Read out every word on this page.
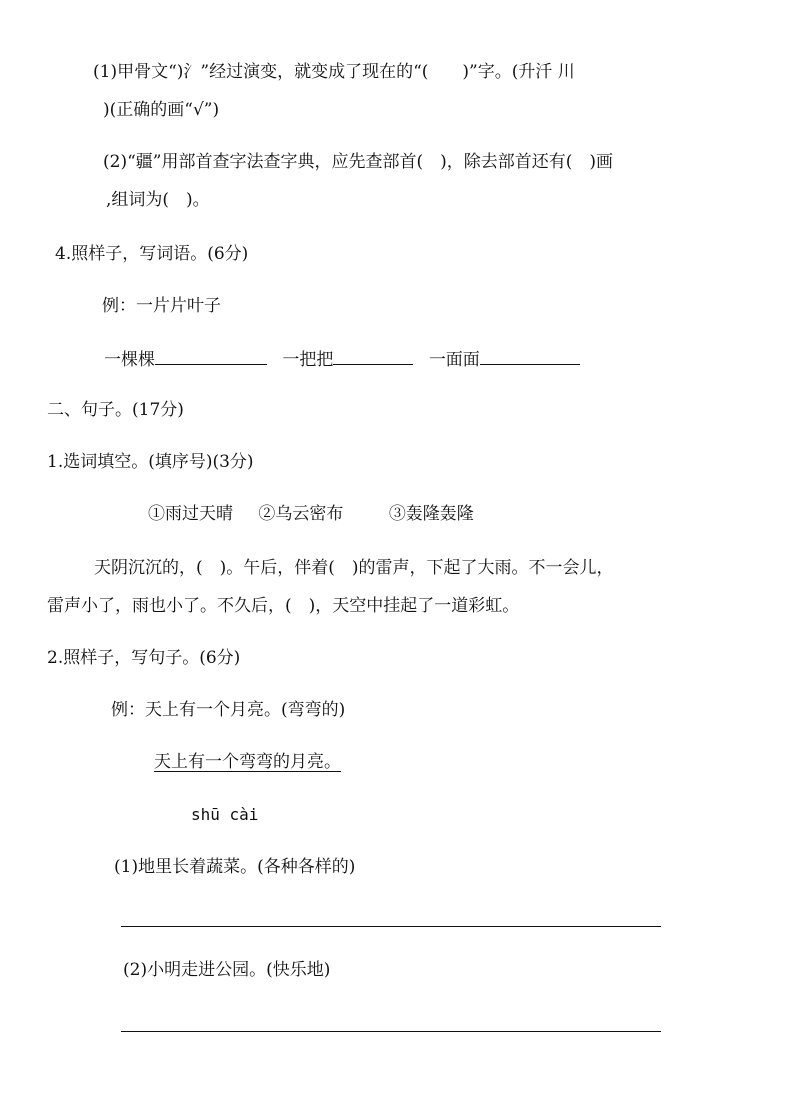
(1)甲骨文“)氵”经过演变，就变成了现在的“(　　)”字。(升汘 川
)(正确的画“√”)
(2)“疆”用部首查字法查字典，应先查部首(　)，除去部首还有(　)画
,组词为(　)。
4.照样子，写词语。(6分)
例：一片片叶子
一棵棵	一把把	一面面
二、句子。(17分)
1.选词填空。(填序号)(3分)
①雨过天晴 ②乌云密布	③轰隆轰隆
天阴沉沉的，(　)。午后，伴着(　)的雷声，下起了大雨。不一会儿，
雷声小了，雨也小了。不久后，(　)，天空中挂起了一道彩虹。
2.照样子，写句子。(6分)
例：天上有一个月亮。(弯弯的)
天上有一个弯弯的月亮。
shū cài
(1)地里长着蔬菜。(各种各样的)
(2)小明走进公园。(快乐地)
